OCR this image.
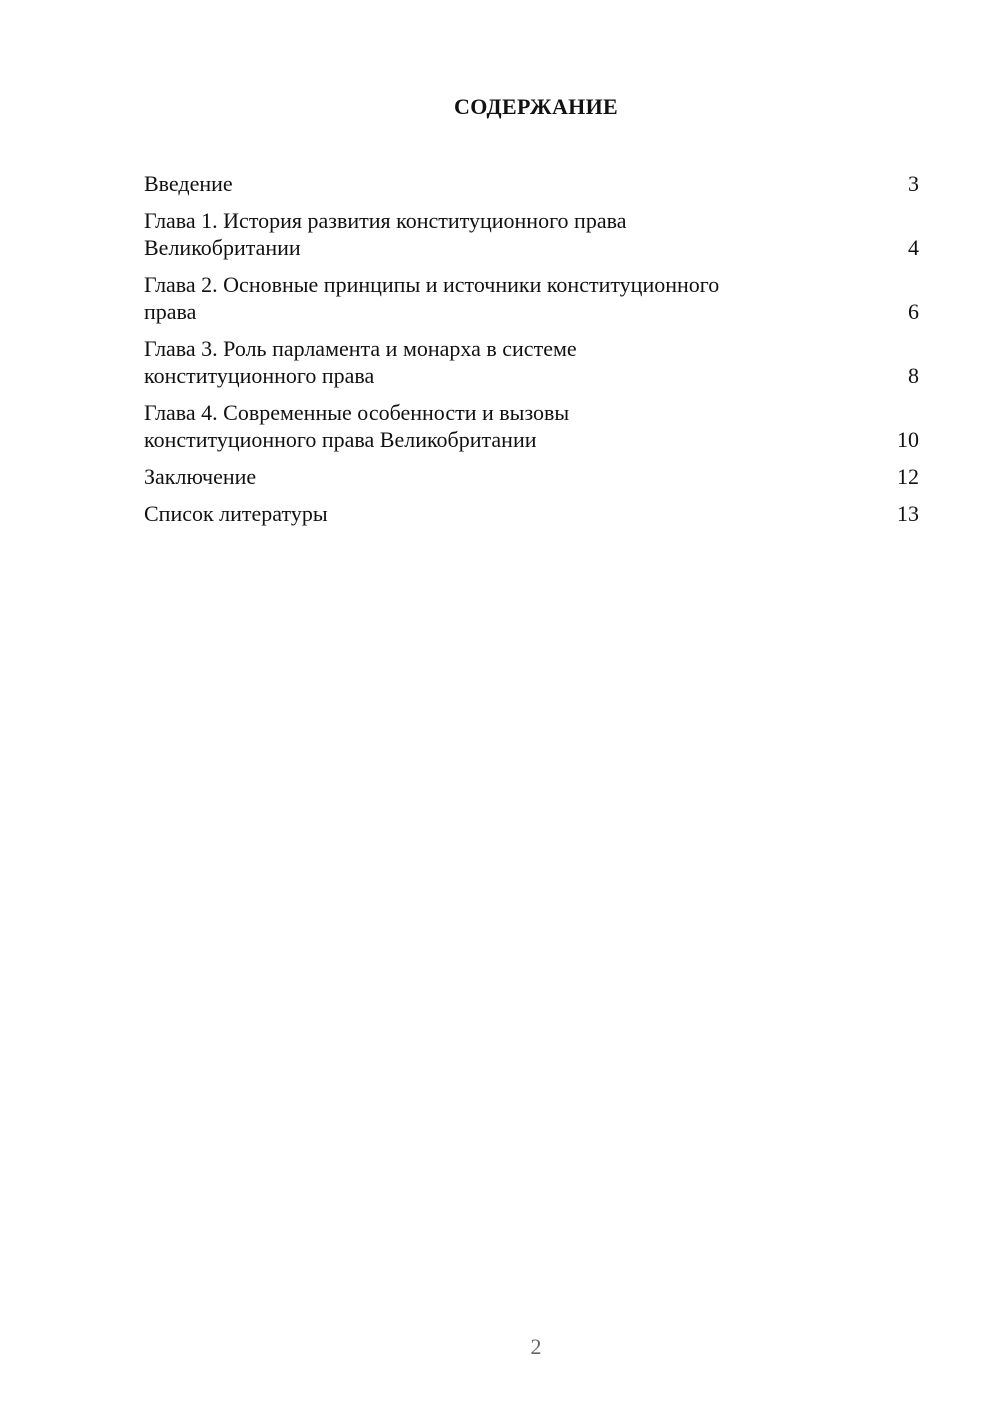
СОДЕРЖАНИЕ
Введение	3
Глава 1. История развития конституционного права
Великобритании	4
Глава 2. Основные принципы и источники конституционного
права	6
Глава 3. Роль парламента и монарха в системе
конституционного права	8
Глава 4. Современные особенности и вызовы
конституционного права Великобритании	10
Заключение	12
Список литературы	13
2
